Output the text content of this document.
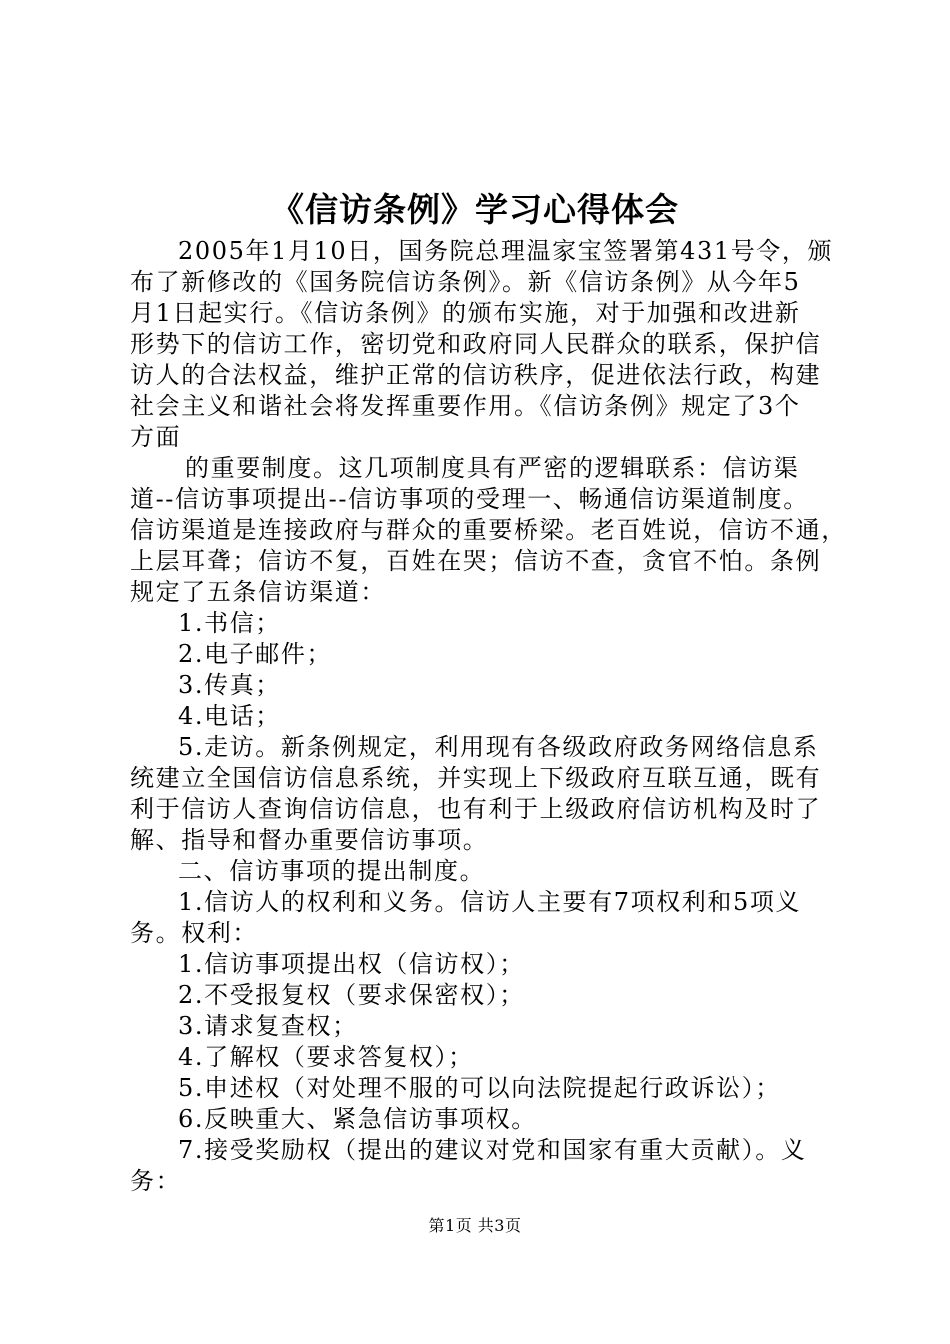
《信访条例》学习心得体会
2005年1月10日，国务院总理温家宝签署第431号令，颁
布了新修改的《国务院信访条例》。新《信访条例》从今年5
月1日起实行。《信访条例》的颁布实施，对于加强和改进新
形势下的信访工作，密切党和政府同人民群众的联系，保护信
访人的合法权益，维护正常的信访秩序，促进依法行政，构建
社会主义和谐社会将发挥重要作用。《信访条例》规定了3个
方面
的重要制度。这几项制度具有严密的逻辑联系：信访渠
道--信访事项提出--信访事项的受理一、畅通信访渠道制度。
信访渠道是连接政府与群众的重要桥梁。老百姓说，信访不通，
上层耳聋；信访不复，百姓在哭；信访不查，贪官不怕。条例
规定了五条信访渠道：
1.书信；
2.电子邮件；
3.传真；
4.电话；
5.走访。新条例规定，利用现有各级政府政务网络信息系
统建立全国信访信息系统，并实现上下级政府互联互通，既有
利于信访人查询信访信息，也有利于上级政府信访机构及时了
解、指导和督办重要信访事项。
二、信访事项的提出制度。
1.信访人的权利和义务。信访人主要有7项权利和5项义
务。权利：
1.信访事项提出权（信访权）；
2.不受报复权（要求保密权）；
3.请求复查权；
4.了解权（要求答复权）；
5.申述权（对处理不服的可以向法院提起行政诉讼）；
6.反映重大、紧急信访事项权。
7.接受奖励权（提出的建议对党和国家有重大贡献）。义
务：
第1页 共3页
